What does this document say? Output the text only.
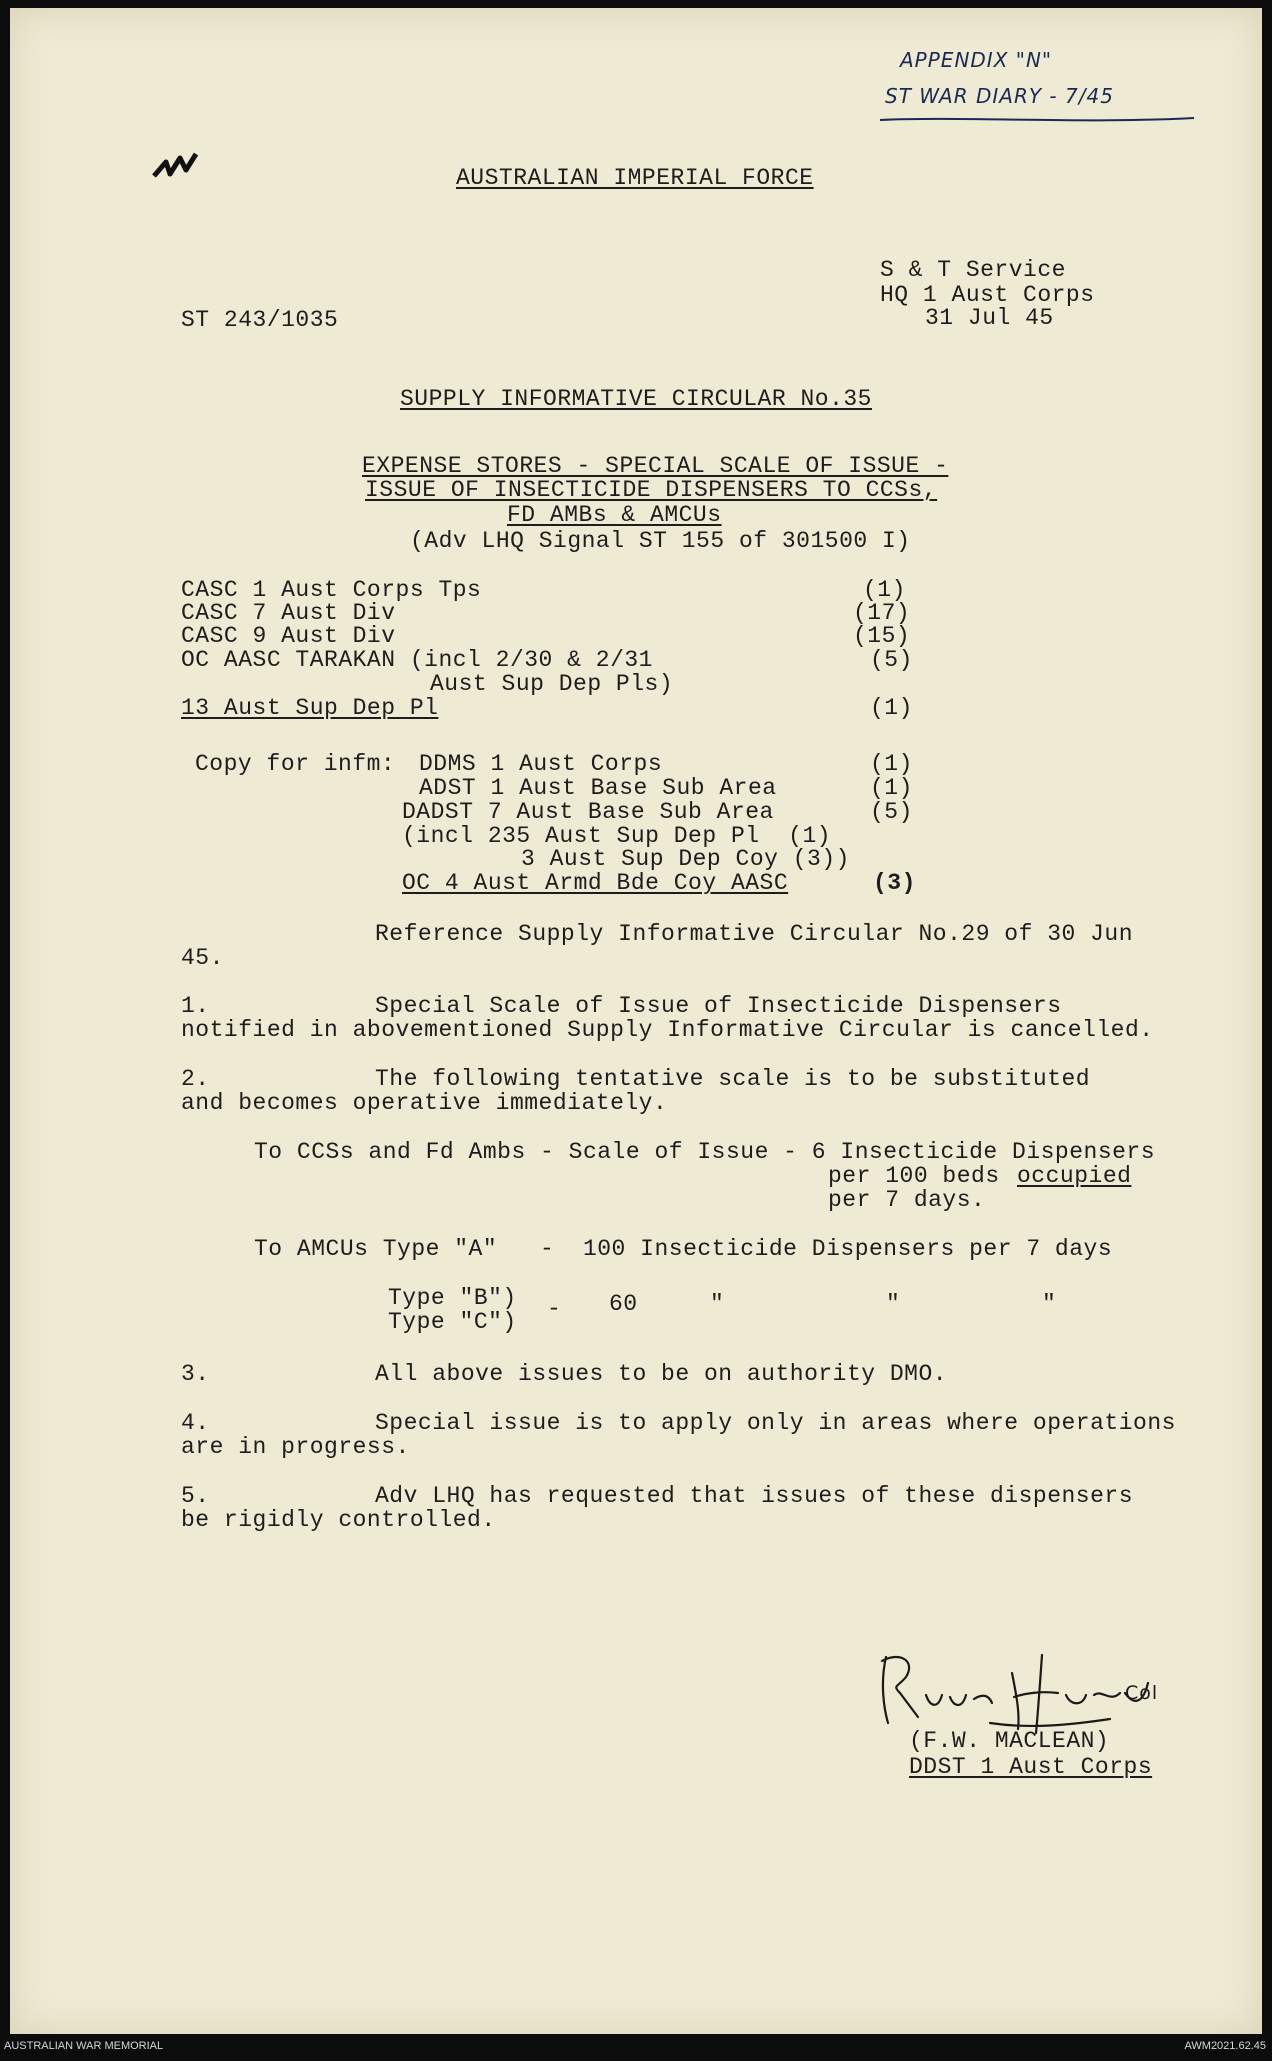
APPENDIX "N"
ST WAR DIARY - 7/45
AUSTRALIAN IMPERIAL FORCE
S & T Service
HQ 1 Aust Corps
31 Jul 45
ST 243/1035
SUPPLY INFORMATIVE CIRCULAR No.35
EXPENSE STORES - SPECIAL SCALE OF ISSUE -
ISSUE OF INSECTICIDE DISPENSERS TO CCSs,
FD AMBs & AMCUs
(Adv LHQ Signal ST 155 of 301500 I)
CASC 1 Aust Corps Tps	(1)
CASC 7 Aust Div	(17)
CASC 9 Aust Div	(15)
OC AASC TARAKAN (incl 2/30 & 2/31	(5)
Aust Sup Dep Pls)
13 Aust Sup Dep Pl	(1)
Copy for infm: DDMS 1 Aust Corps	(1)
ADST 1 Aust Base Sub Area	(1)
DADST 7 Aust Base Sub Area	(5)
(incl 235 Aust Sup Dep Pl  (1)
3 Aust Sup Dep Coy (3))
OC 4 Aust Armd Bde Coy AASC	(3)
Reference Supply Informative Circular No.29 of 30 Jun
45.
1.	Special Scale of Issue of Insecticide Dispensers
notified in abovementioned Supply Informative Circular is cancelled.
2.	The following tentative scale is to be substituted
and becomes operative immediately.
To CCSs and Fd Ambs - Scale of Issue - 6 Insecticide Dispensers
per 100 beds occupied
per 7 days.
To AMCUs Type "A"   -  100 Insecticide Dispensers per 7 days
Type "B")
Type "C") - 60	"	"	"
3.	All above issues to be on authority DMO.
4.	Special issue is to apply only in areas where operations
are in progress.
5.	Adv LHQ has requested that issues of these dispensers
be rigidly controlled.
Col
(F.W. MACLEAN)
DDST 1 Aust Corps
AUSTRALIAN WAR MEMORIAL	AWM2021.62.45
